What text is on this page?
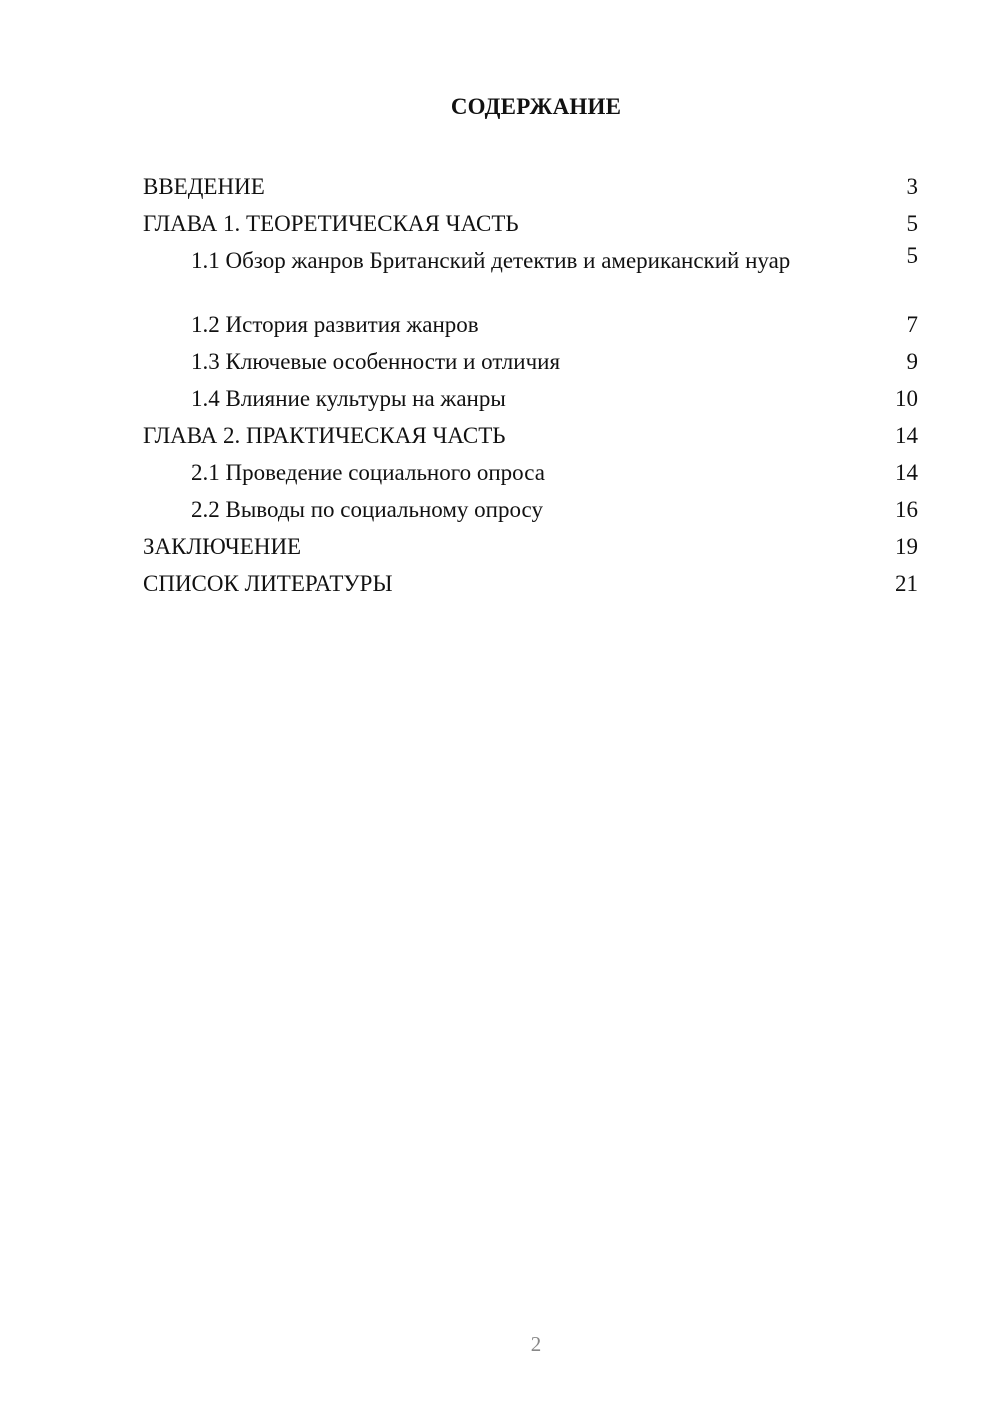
СОДЕРЖАНИЕ
ВВЕДЕНИЕ	3
ГЛАВА 1. ТЕОРЕТИЧЕСКАЯ ЧАСТЬ	5
1.1 Обзор жанров Британский детектив и американский нуар	5
1.2 История развития жанров	7
1.3 Ключевые особенности и отличия	9
1.4 Влияние культуры на жанры	10
ГЛАВА 2. ПРАКТИЧЕСКАЯ ЧАСТЬ	14
2.1 Проведение социального опроса	14
2.2 Выводы по социальному опросу	16
ЗАКЛЮЧЕНИЕ	19
СПИСОК ЛИТЕРАТУРЫ	21
2
